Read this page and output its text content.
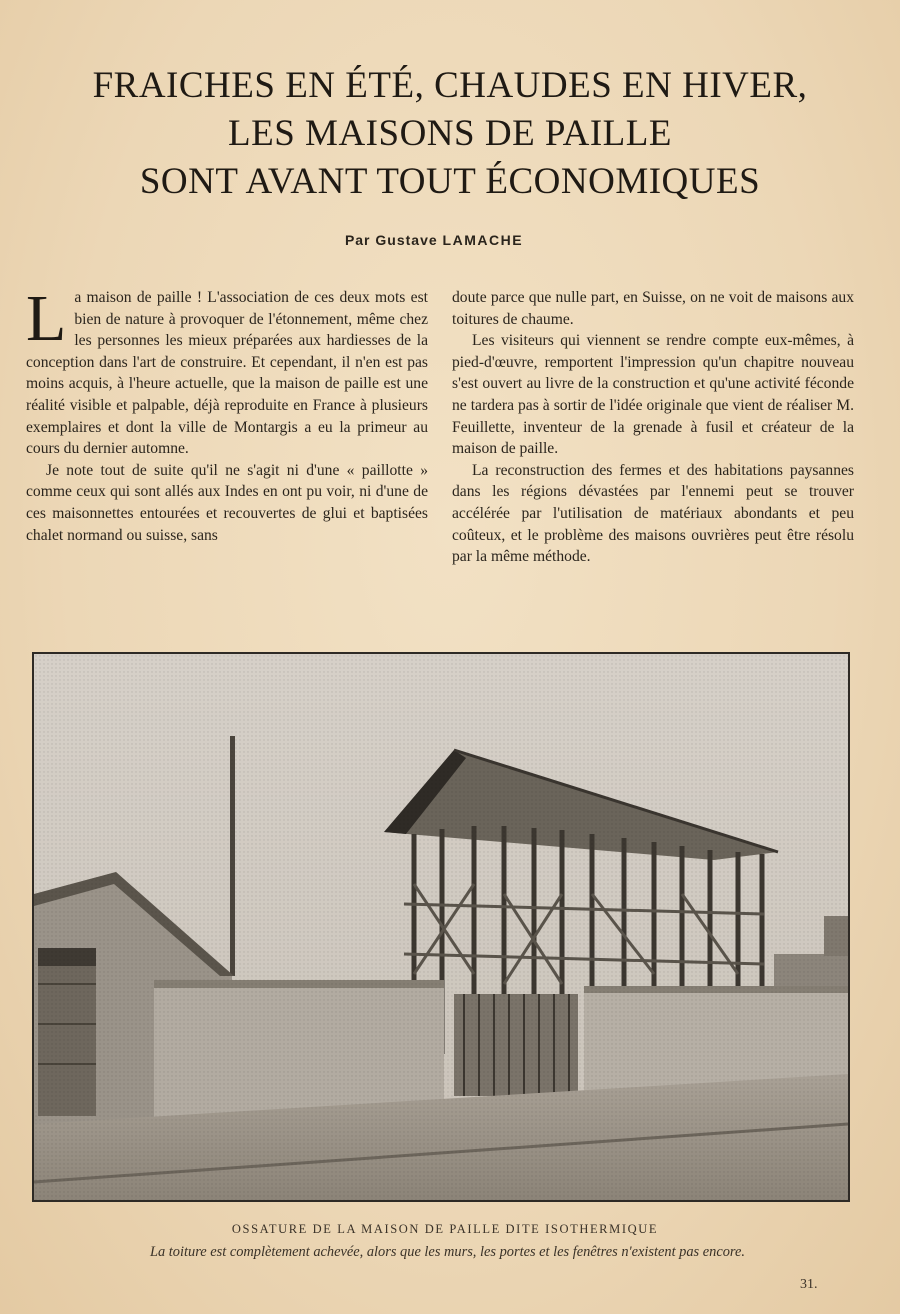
FRAICHES EN ÉTÉ, CHAUDES EN HIVER,
LES MAISONS DE PAILLE
SONT AVANT TOUT ÉCONOMIQUES
Par Gustave LAMACHE

La maison de paille ! L'association de ces deux mots est bien de nature à provoquer de l'étonnement, même chez les personnes les mieux préparées aux hardiesses de la conception dans l'art de construire. Et cependant, il n'en est pas moins acquis, à l'heure actuelle, que la maison de paille est une réalité visible et palpable, déjà reproduite en France à plusieurs exemplaires et dont la ville de Montargis a eu la primeur au cours du dernier automne.

Je note tout de suite qu'il ne s'agit ni d'une « paillotte » comme ceux qui sont allés aux Indes en ont pu voir, ni d'une de ces maisonnettes entourées et recouvertes de glui et baptisées chalet normand ou suisse, sans

doute parce que nulle part, en Suisse, on ne voit de maisons aux toitures de chaume.

Les visiteurs qui viennent se rendre compte eux-mêmes, à pied-d'œuvre, remportent l'impression qu'un chapitre nouveau s'est ouvert au livre de la construction et qu'une activité féconde ne tardera pas à sortir de l'idée originale que vient de réaliser M. Feuillette, inventeur de la grenade à fusil et créateur de la maison de paille.

La reconstruction des fermes et des habitations paysannes dans les régions dévastées par l'ennemi peut se trouver accélérée par l'utilisation de matériaux abondants et peu coûteux, et le problème des maisons ouvrières peut être résolu par la même méthode.

OSSATURE DE LA MAISON DE PAILLE DITE ISOTHERMIQUE
La toiture est complètement achevée, alors que les murs, les portes et les fenêtres n'existent pas encore.
31.
